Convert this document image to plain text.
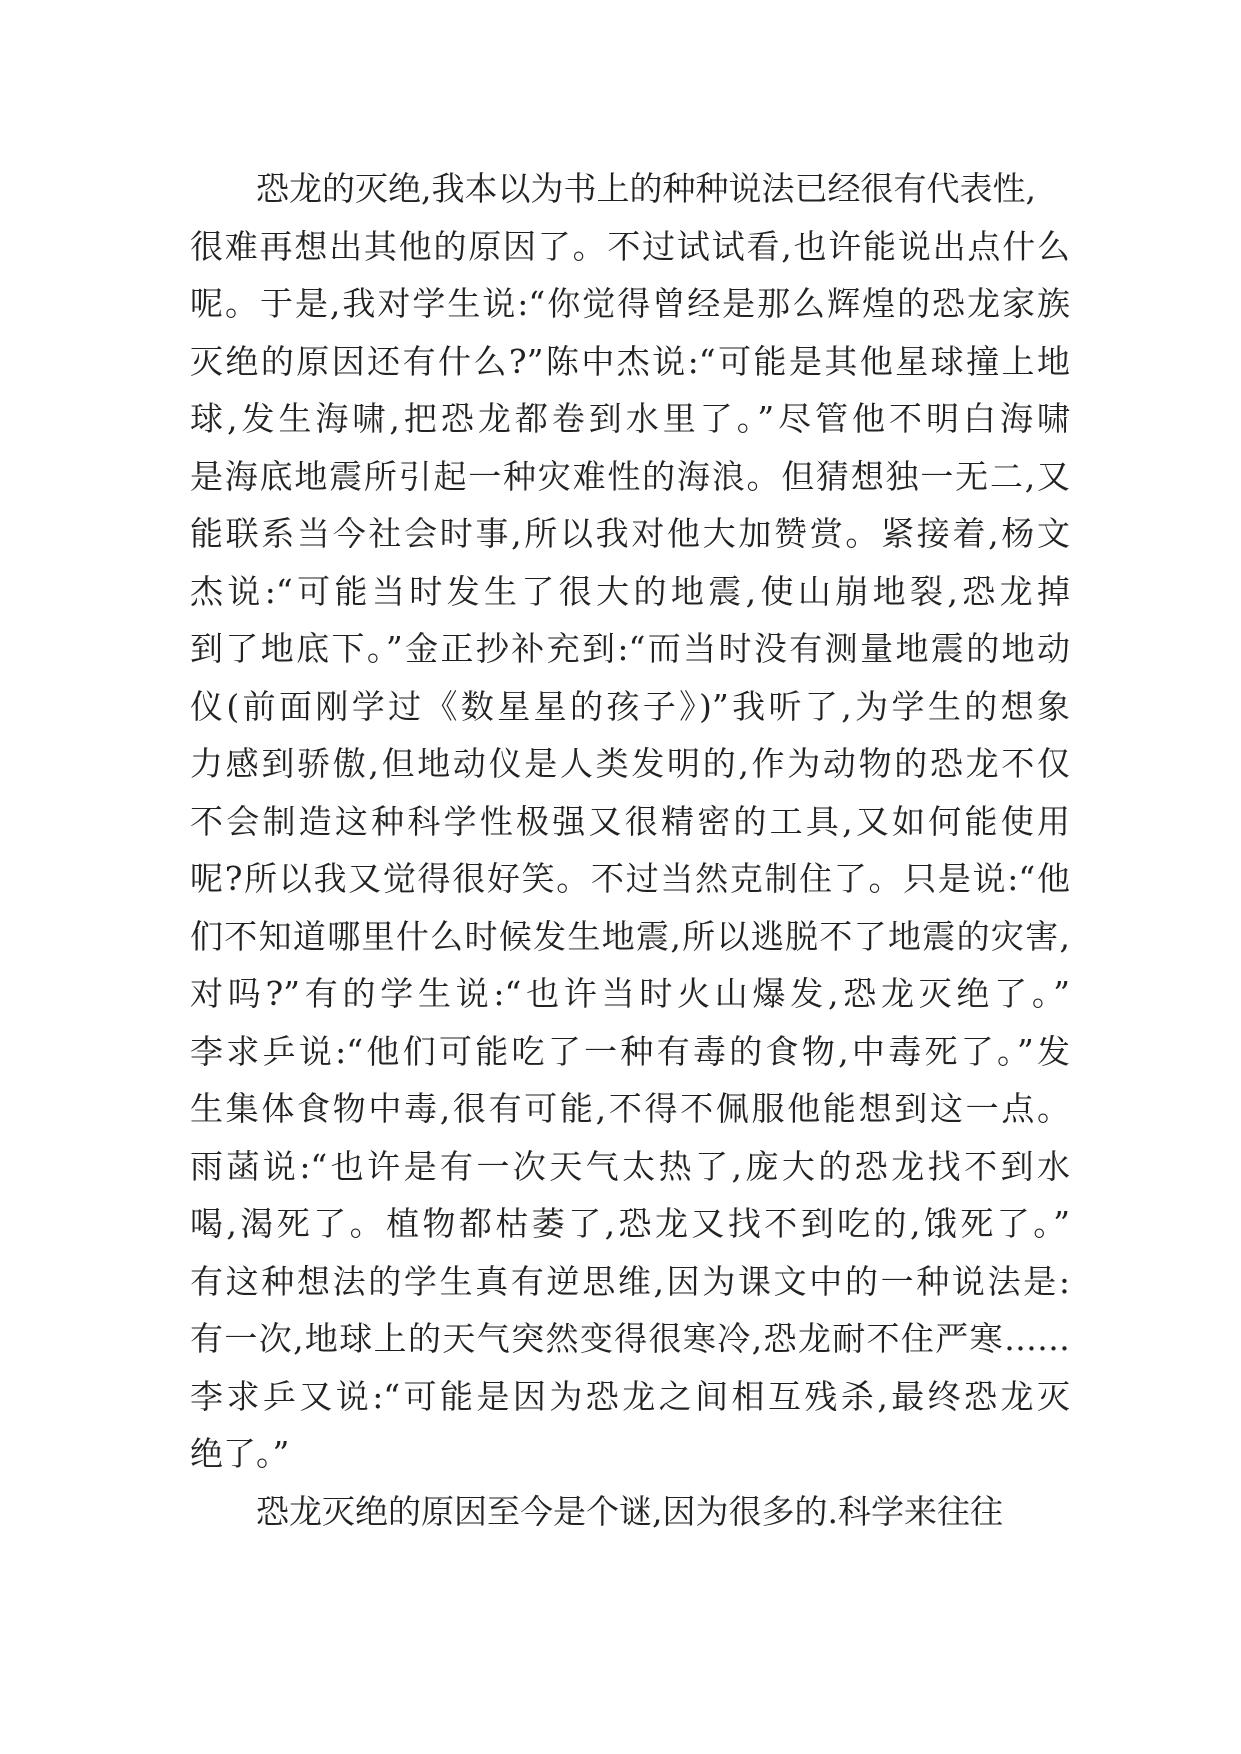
恐龙的灭绝,我本以为书上的种种说法已经很有代表性,
很难再想出其他的原因了。不过试试看,也许能说出点什么
呢。于是,我对学生说:“你觉得曾经是那么辉煌的恐龙家族
灭绝的原因还有什么?”陈中杰说:“可能是其他星球撞上地
球,发生海啸,把恐龙都卷到水里了。”尽管他不明白海啸
是海底地震所引起一种灾难性的海浪。但猜想独一无二,又
能联系当今社会时事,所以我对他大加赞赏。紧接着,杨文
杰说:“可能当时发生了很大的地震,使山崩地裂,恐龙掉
到了地底下。”金正抄补充到:“而当时没有测量地震的地动
仪(前面刚学过《数星星的孩子》)”我听了,为学生的想象
力感到骄傲,但地动仪是人类发明的,作为动物的恐龙不仅
不会制造这种科学性极强又很精密的工具,又如何能使用
呢?所以我又觉得很好笑。不过当然克制住了。只是说:“他
们不知道哪里什么时候发生地震,所以逃脱不了地震的灾害,
对吗?”有的学生说:“也许当时火山爆发,恐龙灭绝了。”
李求乒说:“他们可能吃了一种有毒的食物,中毒死了。”发
生集体食物中毒,很有可能,不得不佩服他能想到这一点。
雨菡说:“也许是有一次天气太热了,庞大的恐龙找不到水
喝,渴死了。植物都枯萎了,恐龙又找不到吃的,饿死了。”
有这种想法的学生真有逆思维,因为课文中的一种说法是:
有一次,地球上的天气突然变得很寒冷,恐龙耐不住严寒……
李求乒又说:“可能是因为恐龙之间相互残杀,最终恐龙灭
绝了。”
恐龙灭绝的原因至今是个谜,因为很多的.科学来往往
